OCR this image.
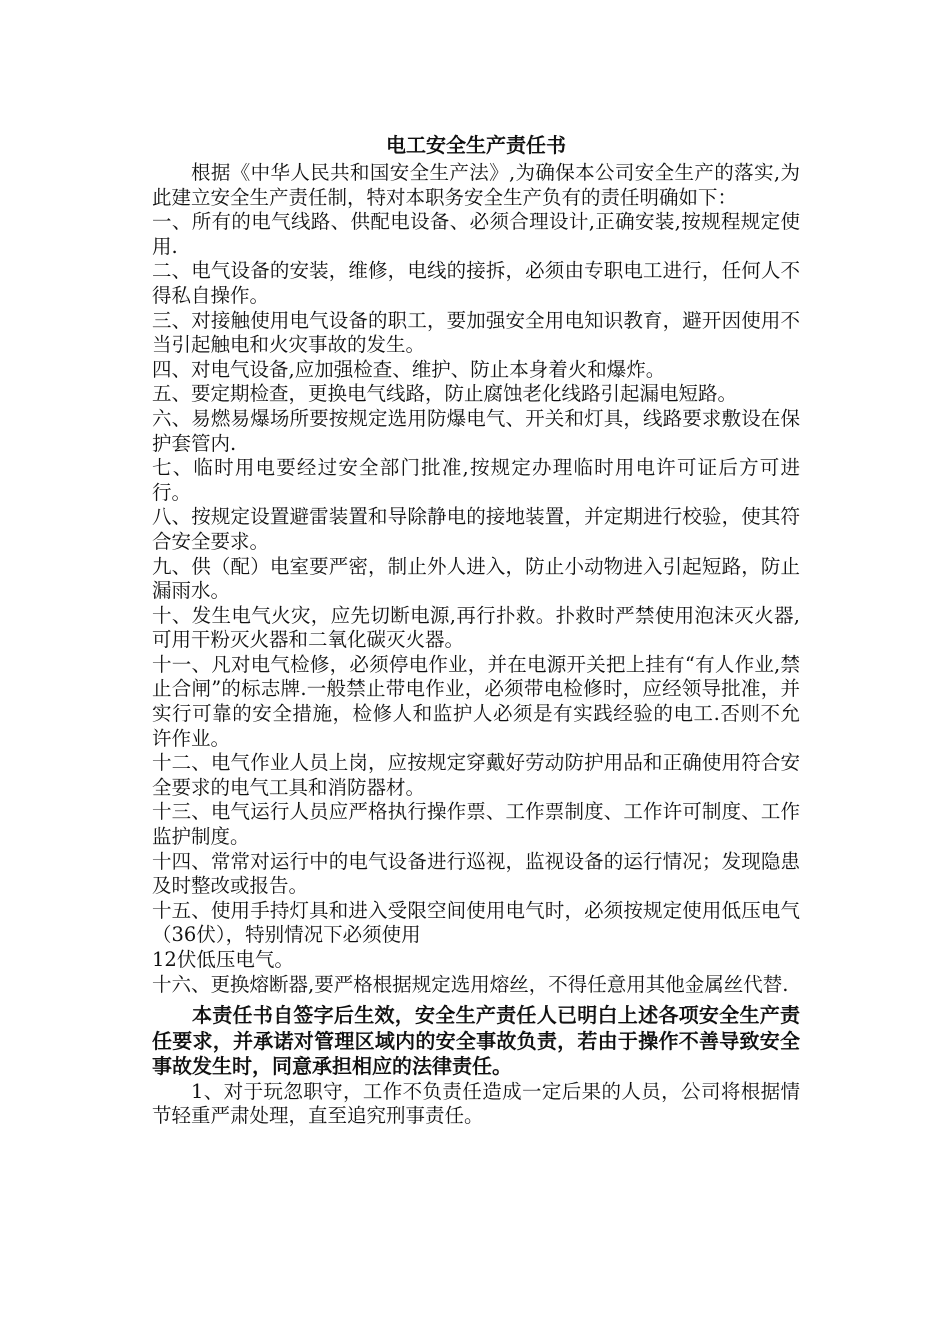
电工安全生产责任书

根据《中华人民共和国安全生产法》,为确保本公司安全生产的落实,为此建立安全生产责任制，特对本职务安全生产负有的责任明确如下：

一、所有的电气线路、供配电设备、必须合理设计,正确安装,按规程规定使用.

二、电气设备的安装，维修，电线的接拆，必须由专职电工进行，任何人不得私自操作。

三、对接触使用电气设备的职工，要加强安全用电知识教育，避开因使用不当引起触电和火灾事故的发生。

四、对电气设备,应加强检查、维护、防止本身着火和爆炸。

五、要定期检查，更换电气线路，防止腐蚀老化线路引起漏电短路。

六、易燃易爆场所要按规定选用防爆电气、开关和灯具，线路要求敷设在保护套管内.

七、临时用电要经过安全部门批准,按规定办理临时用电许可证后方可进行。

八、按规定设置避雷装置和导除静电的接地装置，并定期进行校验，使其符合安全要求。

九、供（配）电室要严密，制止外人进入，防止小动物进入引起短路，防止漏雨水。

十、发生电气火灾，应先切断电源,再行扑救。扑救时严禁使用泡沫灭火器,可用干粉灭火器和二氧化碳灭火器。

十一、凡对电气检修，必须停电作业，并在电源开关把上挂有“有人作业,禁止合闸”的标志牌.一般禁止带电作业，必须带电检修时，应经领导批准，并实行可靠的安全措施，检修人和监护人必须是有实践经验的电工.否则不允许作业。

十二、电气作业人员上岗，应按规定穿戴好劳动防护用品和正确使用符合安全要求的电气工具和消防器材。

十三、电气运行人员应严格执行操作票、工作票制度、工作许可制度、工作监护制度。

十四、常常对运行中的电气设备进行巡视，监视设备的运行情况；发现隐患及时整改或报告。

十五、使用手持灯具和进入受限空间使用电气时，必须按规定使用低压电气（36伏），特别情况下必须使用

12伏低压电气。

十六、更换熔断器,要严格根据规定选用熔丝，不得任意用其他金属丝代替.

本责任书自签字后生效，安全生产责任人已明白上述各项安全生产责任要求，并承诺对管理区域内的安全事故负责，若由于操作不善导致安全事故发生时，同意承担相应的法律责任。

1、对于玩忽职守，工作不负责任造成一定后果的人员，公司将根据情节轻重严肃处理，直至追究刑事责任。
